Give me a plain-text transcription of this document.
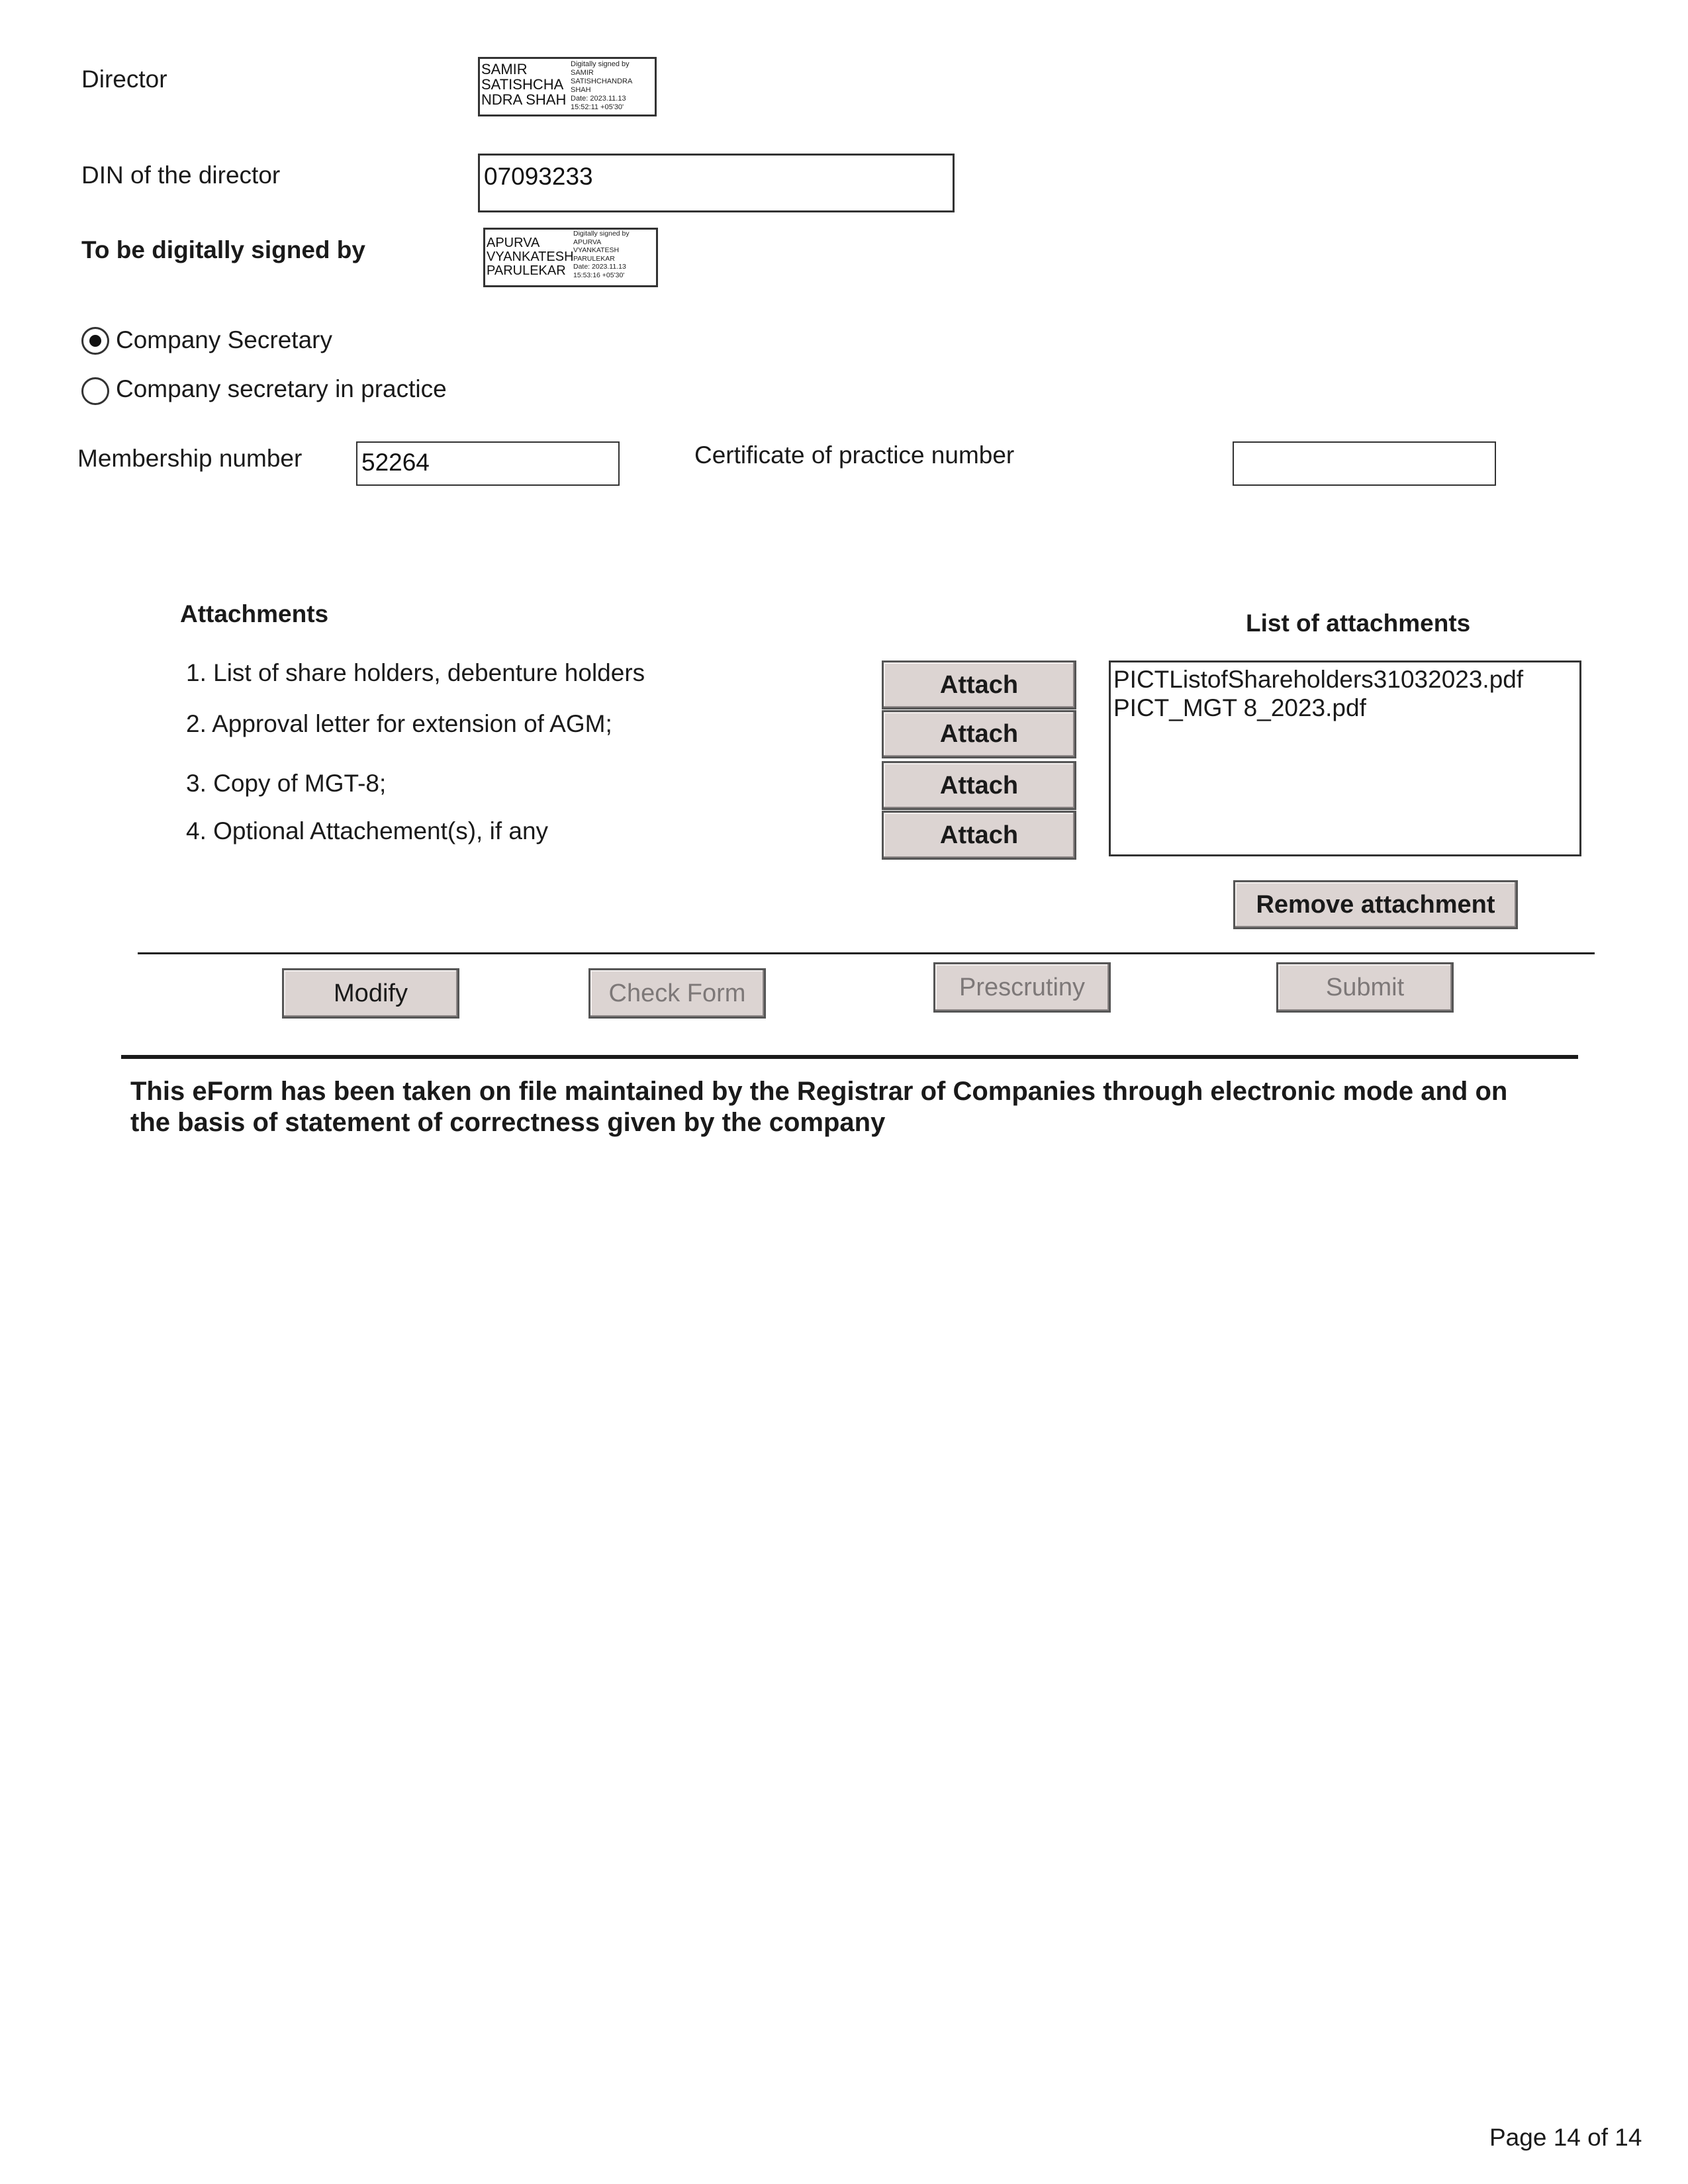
Director	SAMIR
SATISHCHA
NDRA SHAH
Digitally signed by
SAMIR
SATISHCHANDRA
SHAH
Date: 2023.11.13
15:52:11 +05'30'
DIN of the director	07093233
To be digitally signed by	APURVA
VYANKATESH
PARULEKAR
Digitally signed by
APURVA
VYANKATESH
PARULEKAR
Date: 2023.11.13
15:53:16 +05'30'
Company Secretary
Company secretary in practice
Membership number 52264	Certificate of practice number
Attachments	List of attachments
1. List of share holders, debenture holders
2. Approval letter for extension of AGM;
3. Copy of MGT-8;
4. Optional Attachement(s), if any
Attach
Attach
Attach
Attach
PICTListofShareholders31032023.pdf
PICT_MGT 8_2023.pdf
Remove attachment
Modify	Check Form	Prescrutiny	Submit
This eForm has been taken on file maintained by the Registrar of Companies through electronic mode and on
the basis of statement of correctness given by the company
Page 14 of 14
